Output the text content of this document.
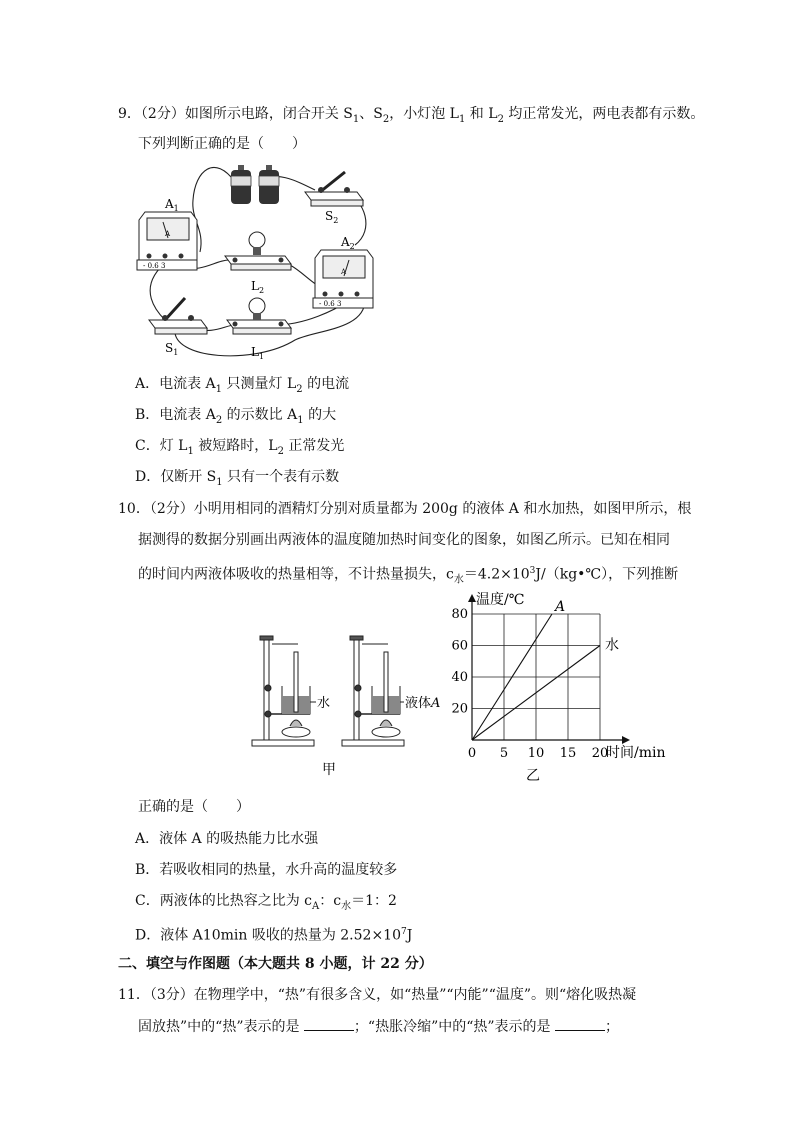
9．（2分）如图所示电路，闭合开关 $S_1$、$S_2$，小灯泡 $L_1$ 和 $L_2$ 均正常发光，两电表都有示数。
下列判断正确的是（　　）
$S_2$
A
- 0.6 3
$A_1$
$L_2$
A
- 0.6 3
$A_2$
$S_1$	$L_1$
A．电流表 $A_1$ 只测量灯 $L_2$ 的电流
B．电流表 $A_2$ 的示数比 $A_1$ 的大
C．灯 $L_1$ 被短路时，$L_2$ 正常发光
D．仅断开 $S_1$ 只有一个表有示数
10．（2分）小明用相同的酒精灯分别对质量都为 200g 的液体 A 和水加热，如图甲所示，根
据测得的数据分别画出两液体的温度随加热时间变化的图象，如图乙所示。已知在相同
的时间内两液体吸收的热量相等，不计热量损失，$c_水=4.2\times 10^3J/(kg•℃)$，下列推断
水	液体A
甲
0 5 10 15 20
20
40
60
80
温度/℃
时间/min
A
水
乙
正确的是（　　）
A．液体 A 的吸热能力比水强
B．若吸收相同的热量，水升高的温度较多
C．两液体的比热容之比为 $c_A$：$c_水=1$：2
D．液体 A10min 吸收的热量为 $2.52\times 10^7J$
二、填空与作图题（本大题共 8 小题，计 22 分）
11．（3分）在物理学中，“热”有很多含义，如“热量”“内能”“温度”。则“熔化吸热凝
固放热”中的“热”表示的是	；“热胀冷缩”中的“热”表示的是	；
